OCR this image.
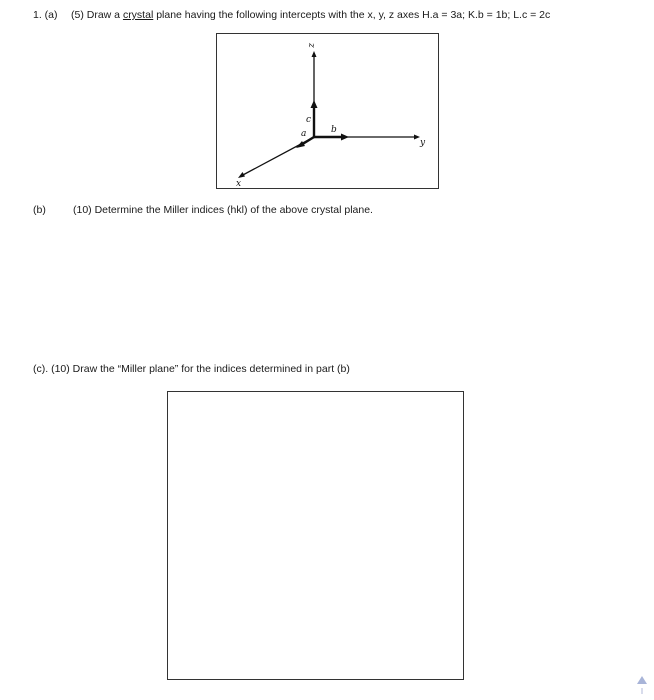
1. (a) (5) Draw a crystal plane having the following intercepts with the x, y, z axes H.a = 3a; K.b = 1b; L.c = 2c
z
y
x
c
a	b
(b)	(10) Determine the Miller indices (hkl) of the above crystal plane.
(c). (10) Draw the “Miller plane” for the indices determined in part (b)
